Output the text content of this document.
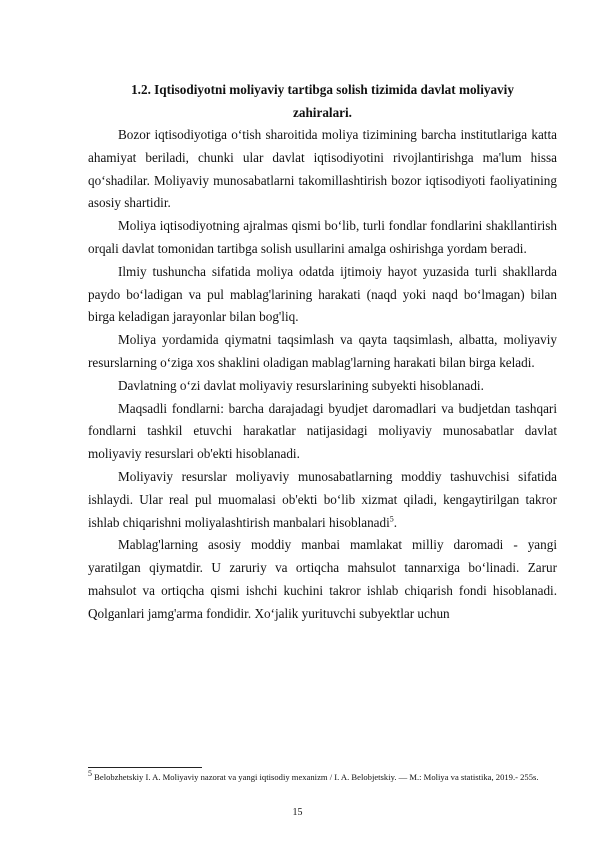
1.2. Iqtisodiyotni moliyaviy tartibga solish tizimida davlat moliyaviy
zahiralari.

Bozor iqtisodiyotiga o‘tish sharoitida moliya tizimining barcha institutlariga katta ahamiyat beriladi, chunki ular davlat iqtisodiyotini rivojlantirishga ma'lum hissa qo‘shadilar. Moliyaviy munosabatlarni takomillashtirish bozor iqtisodiyoti faoliyatining asosiy shartidir.

Moliya iqtisodiyotning ajralmas qismi bo‘lib, turli fondlar fondlarini shakllantirish orqali davlat tomonidan tartibga solish usullarini amalga oshirishga yordam beradi.

Ilmiy tushuncha sifatida moliya odatda ijtimoiy hayot yuzasida turli shakllarda paydo bo‘ladigan va pul mablag'larining harakati (naqd yoki naqd bo‘lmagan) bilan birga keladigan jarayonlar bilan bog'liq.

Moliya yordamida qiymatni taqsimlash va qayta taqsimlash, albatta, moliyaviy resurslarning o‘ziga xos shaklini oladigan mablag'larning harakati bilan birga keladi.

Davlatning o‘zi davlat moliyaviy resurslarining subyekti hisoblanadi.

Maqsadli fondlarni: barcha darajadagi byudjet daromadlari va budjetdan tashqari fondlarni tashkil etuvchi harakatlar natijasidagi moliyaviy munosabatlar davlat moliyaviy resurslari ob'ekti hisoblanadi.

Moliyaviy resurslar moliyaviy munosabatlarning moddiy tashuvchisi sifatida ishlaydi. Ular real pul muomalasi ob'ekti bo‘lib xizmat qiladi, kengaytirilgan takror ishlab chiqarishni moliyalashtirish manbalari hisoblanadi$^5$.

Mablag'larning asosiy moddiy manbai mamlakat milliy daromadi - yangi yaratilgan qiymatdir. U zaruriy va ortiqcha mahsulot tannarxiga bo‘linadi. Zarur mahsulot va ortiqcha qismi ishchi kuchini takror ishlab chiqarish fondi hisoblanadi. Qolganlari jamg'arma fondidir. Xo‘jalik yurituvchi subyektlar uchun

$^5$ Belobzhetskiy I. A. Moliyaviy nazorat va yangi iqtisodiy mexanizm / I. A. Belobjetskiy. — M.: Moliya va statistika, 2019.- 255s.

15
